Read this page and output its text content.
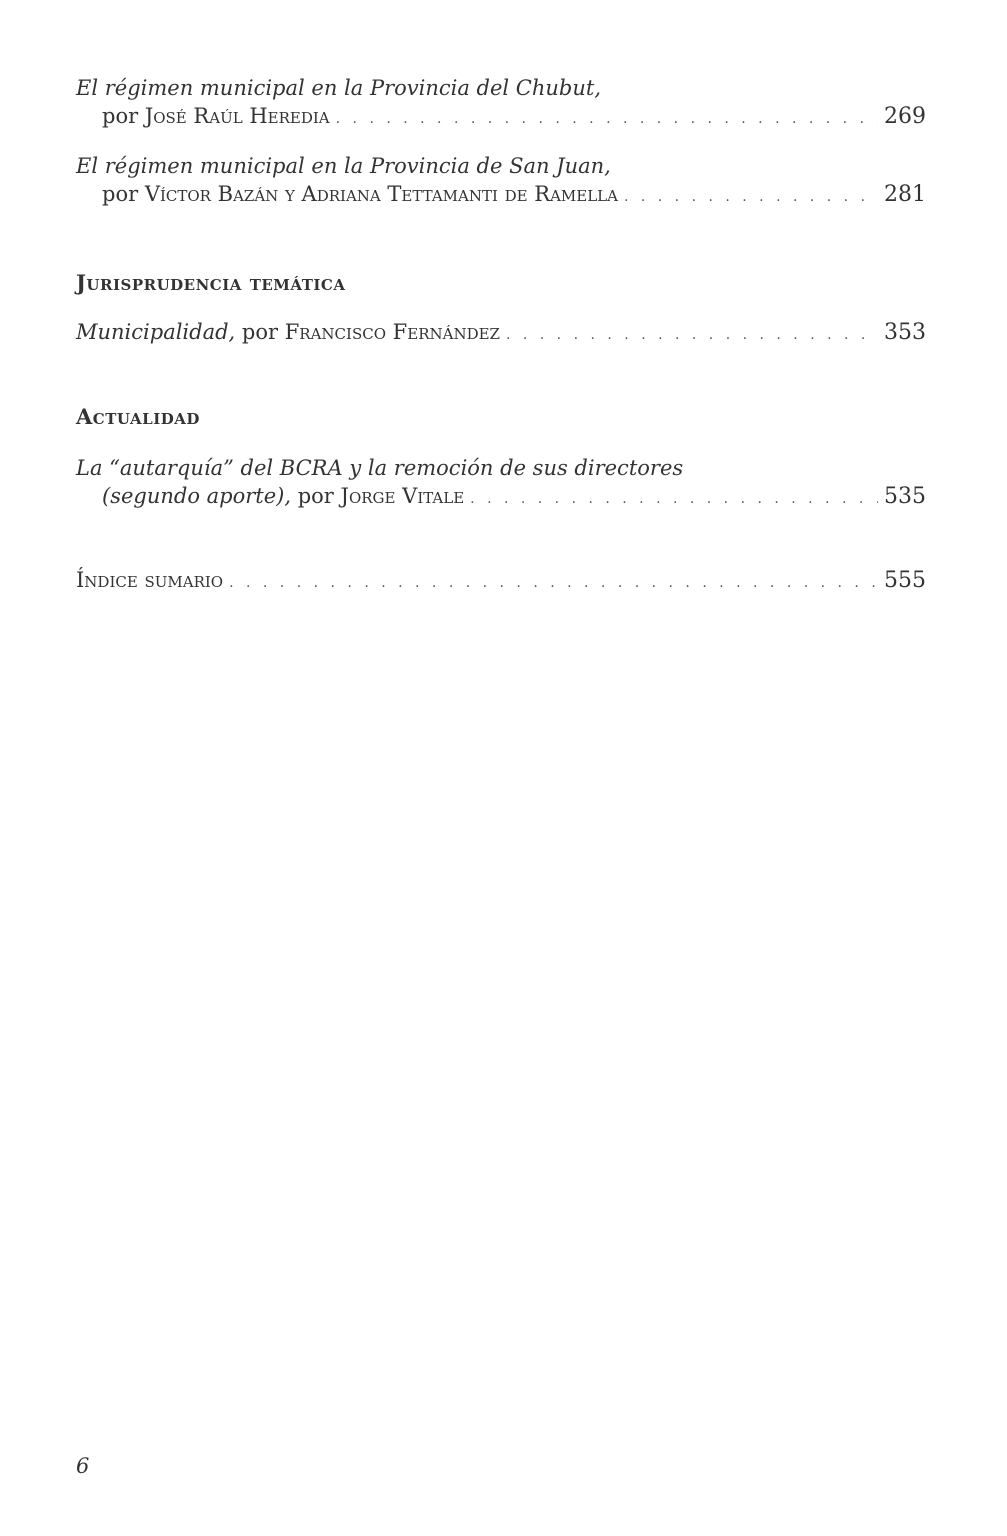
El régimen municipal en la Provincia del Chubut,
por
José Raúl Heredia . . .	269
El régimen municipal en la Provincia de San Juan,
por
Víctor Bazán y Adriana Tettamanti de Ramella . . .	281
Jurisprudencia temática
Municipalidad,
por
Francisco Fernández . . .	353
Actualidad
La “autarquía” del BCRA y la remoción de sus directores
(segundo aporte),
por
Jorge Vitale . . .	535
Índice sumario . . .	555
6
